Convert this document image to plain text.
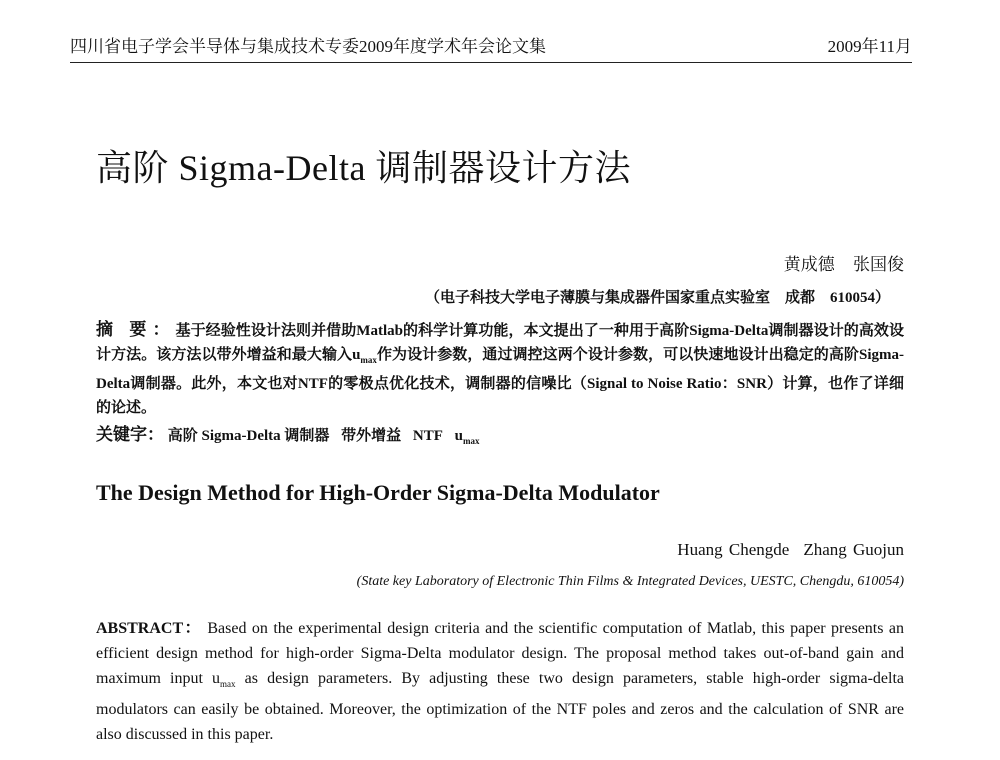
四川省电子学会半导体与集成技术专委2009年度学术年会论文集	2009年11月
高阶 Sigma-Delta 调制器设计方法
黄成德 张国俊
（电子科技大学电子薄膜与集成器件国家重点实验室　成都　610054）
摘 要：基于经验性设计法则并借助Matlab的科学计算功能，本文提出了一种用于高阶Sigma-Delta调制器设计的高效设计方法。该方法以带外增益和最大输入$u_{max}$作为设计参数，通过调控这两个设计参数，可以快速地设计出稳定的高阶Sigma-Delta调制器。此外，本文也对NTF的零极点优化技术，调制器的信噪比（Signal to Noise Ratio：SNR）计算，也作了详细的论述。
关键字： 高阶 Sigma-Delta 调制器 带外增益 NTF $u_{max}$
The Design Method for High-Order Sigma-Delta Modulator
Huang Chengde Zhang Guojun
(State key Laboratory of Electronic Thin Films & Integrated Devices, UESTC, Chengdu, 610054)
ABSTRACT： Based on the experimental design criteria and the scientific computation of Matlab, this paper presents an efficient design method for high-order Sigma-Delta modulator design. The proposal method takes out-of-band gain and maximum input $u_{max}$ as design parameters. By adjusting these two design parameters, stable high-order sigma-delta modulators can easily be obtained. Moreover, the optimization of the NTF poles and zeros and the calculation of SNR are also discussed in this paper.
